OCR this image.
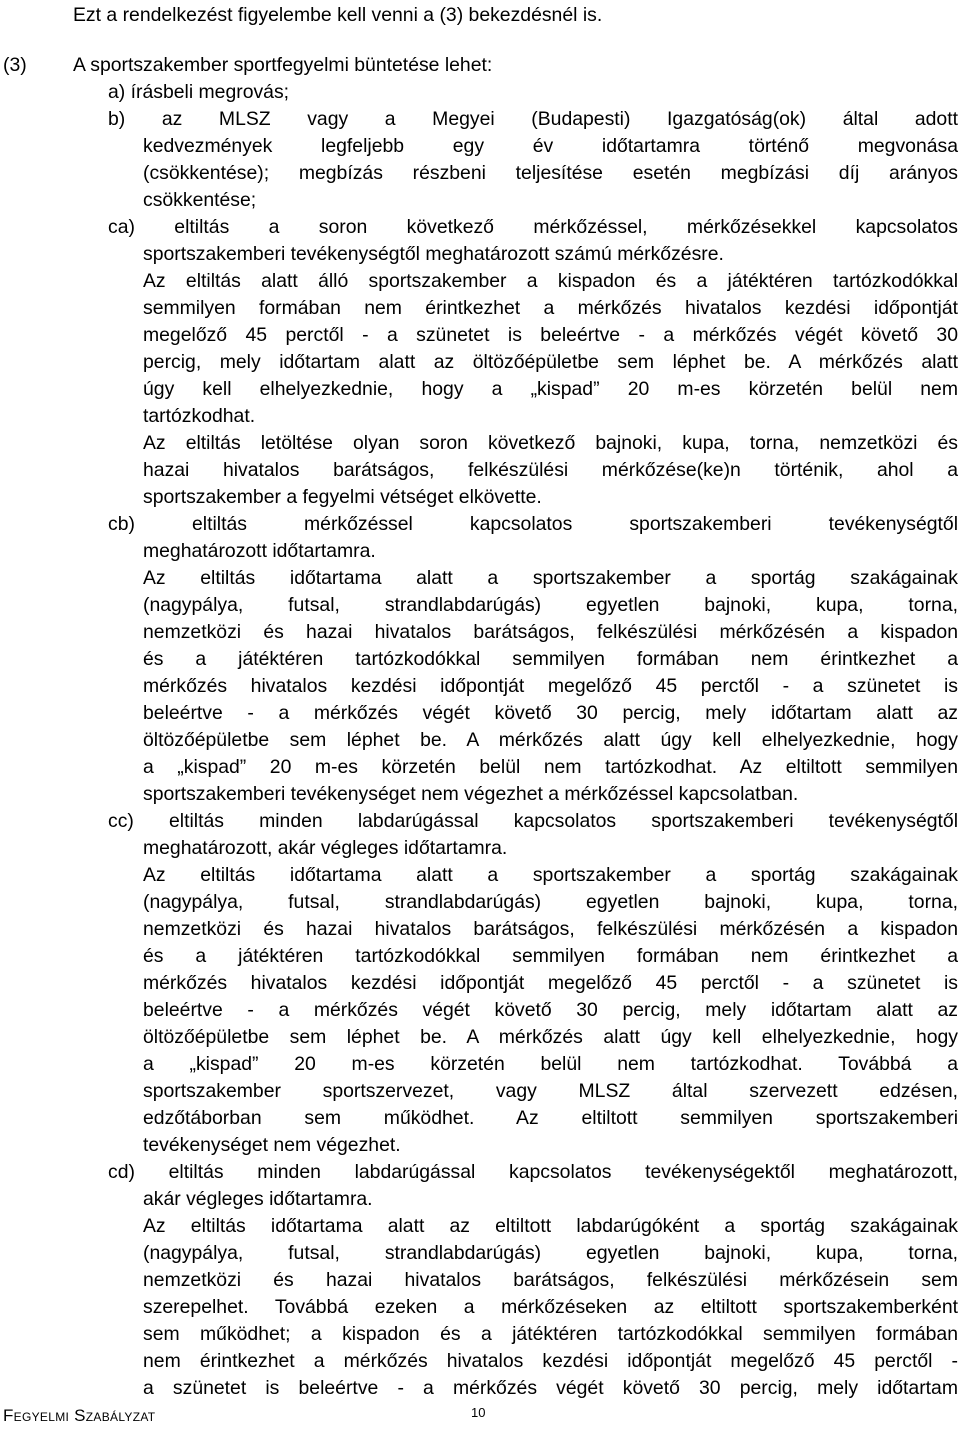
Ezt a rendelkezést figyelembe kell venni a (3) bekezdésnél is.
(3) A sportszakember sportfegyelmi büntetése lehet:
a) írásbeli megrovás;
b) az MLSZ vagy a Megyei (Budapesti) Igazgatóság(ok) által adott
kedvezmények legfeljebb egy év időtartamra történő megvonása
(csökkentése); megbízás részbeni teljesítése esetén megbízási díj arányos
csökkentése;
ca) eltiltás a soron következő mérkőzéssel, mérkőzésekkel kapcsolatos
sportszakemberi tevékenységtől meghatározott számú mérkőzésre.
Az eltiltás alatt álló sportszakember a kispadon és a játéktéren tartózkodókkal
semmilyen formában nem érintkezhet a mérkőzés hivatalos kezdési időpontját
megelőző 45 perctől - a szünetet is beleértve - a mérkőzés végét követő 30
percig, mely időtartam alatt az öltözőépületbe sem léphet be. A mérkőzés alatt
úgy kell elhelyezkednie, hogy a „kispad” 20 m-es körzetén belül nem
tartózkodhat.
Az eltiltás letöltése olyan soron következő bajnoki, kupa, torna, nemzetközi és
hazai hivatalos barátságos, felkészülési mérkőzése(ke)n történik, ahol a
sportszakember a fegyelmi vétséget elkövette.
cb) eltiltás mérkőzéssel kapcsolatos sportszakemberi tevékenységtől
meghatározott időtartamra.
Az eltiltás időtartama alatt a sportszakember a sportág szakágainak
(nagypálya, futsal, strandlabdarúgás) egyetlen bajnoki, kupa, torna,
nemzetközi és hazai hivatalos barátságos, felkészülési mérkőzésén a kispadon
és a játéktéren tartózkodókkal semmilyen formában nem érintkezhet a
mérkőzés hivatalos kezdési időpontját megelőző 45 perctől - a szünetet is
beleértve - a mérkőzés végét követő 30 percig, mely időtartam alatt az
öltözőépületbe sem léphet be. A mérkőzés alatt úgy kell elhelyezkednie, hogy
a „kispad” 20 m-es körzetén belül nem tartózkodhat. Az eltiltott semmilyen
sportszakemberi tevékenységet nem végezhet a mérkőzéssel kapcsolatban.
cc) eltiltás minden labdarúgással kapcsolatos sportszakemberi tevékenységtől
meghatározott, akár végleges időtartamra.
Az eltiltás időtartama alatt a sportszakember a sportág szakágainak
(nagypálya, futsal, strandlabdarúgás) egyetlen bajnoki, kupa, torna,
nemzetközi és hazai hivatalos barátságos, felkészülési mérkőzésén a kispadon
és a játéktéren tartózkodókkal semmilyen formában nem érintkezhet a
mérkőzés hivatalos kezdési időpontját megelőző 45 perctől - a szünetet is
beleértve - a mérkőzés végét követő 30 percig, mely időtartam alatt az
öltözőépületbe sem léphet be. A mérkőzés alatt úgy kell elhelyezkednie, hogy
a „kispad” 20 m-es körzetén belül nem tartózkodhat. Továbbá a
sportszakember sportszervezet, vagy MLSZ által szervezett edzésen,
edzőtáborban sem működhet. Az eltiltott semmilyen sportszakemberi
tevékenységet nem végezhet.
cd) eltiltás minden labdarúgással kapcsolatos tevékenységektől meghatározott,
akár végleges időtartamra.
Az eltiltás időtartama alatt az eltiltott labdarúgóként a sportág szakágainak
(nagypálya, futsal, strandlabdarúgás) egyetlen bajnoki, kupa, torna,
nemzetközi és hazai hivatalos barátságos, felkészülési mérkőzésein sem
szerepelhet. Továbbá ezeken a mérkőzéseken az eltiltott sportszakemberként
sem működhet; a kispadon és a játéktéren tartózkodókkal semmilyen formában
nem érintkezhet a mérkőzés hivatalos kezdési időpontját megelőző 45 perctől -
a szünetet is beleértve - a mérkőzés végét követő 30 percig, mely időtartam
Fegyelmi Szabályzat	10
